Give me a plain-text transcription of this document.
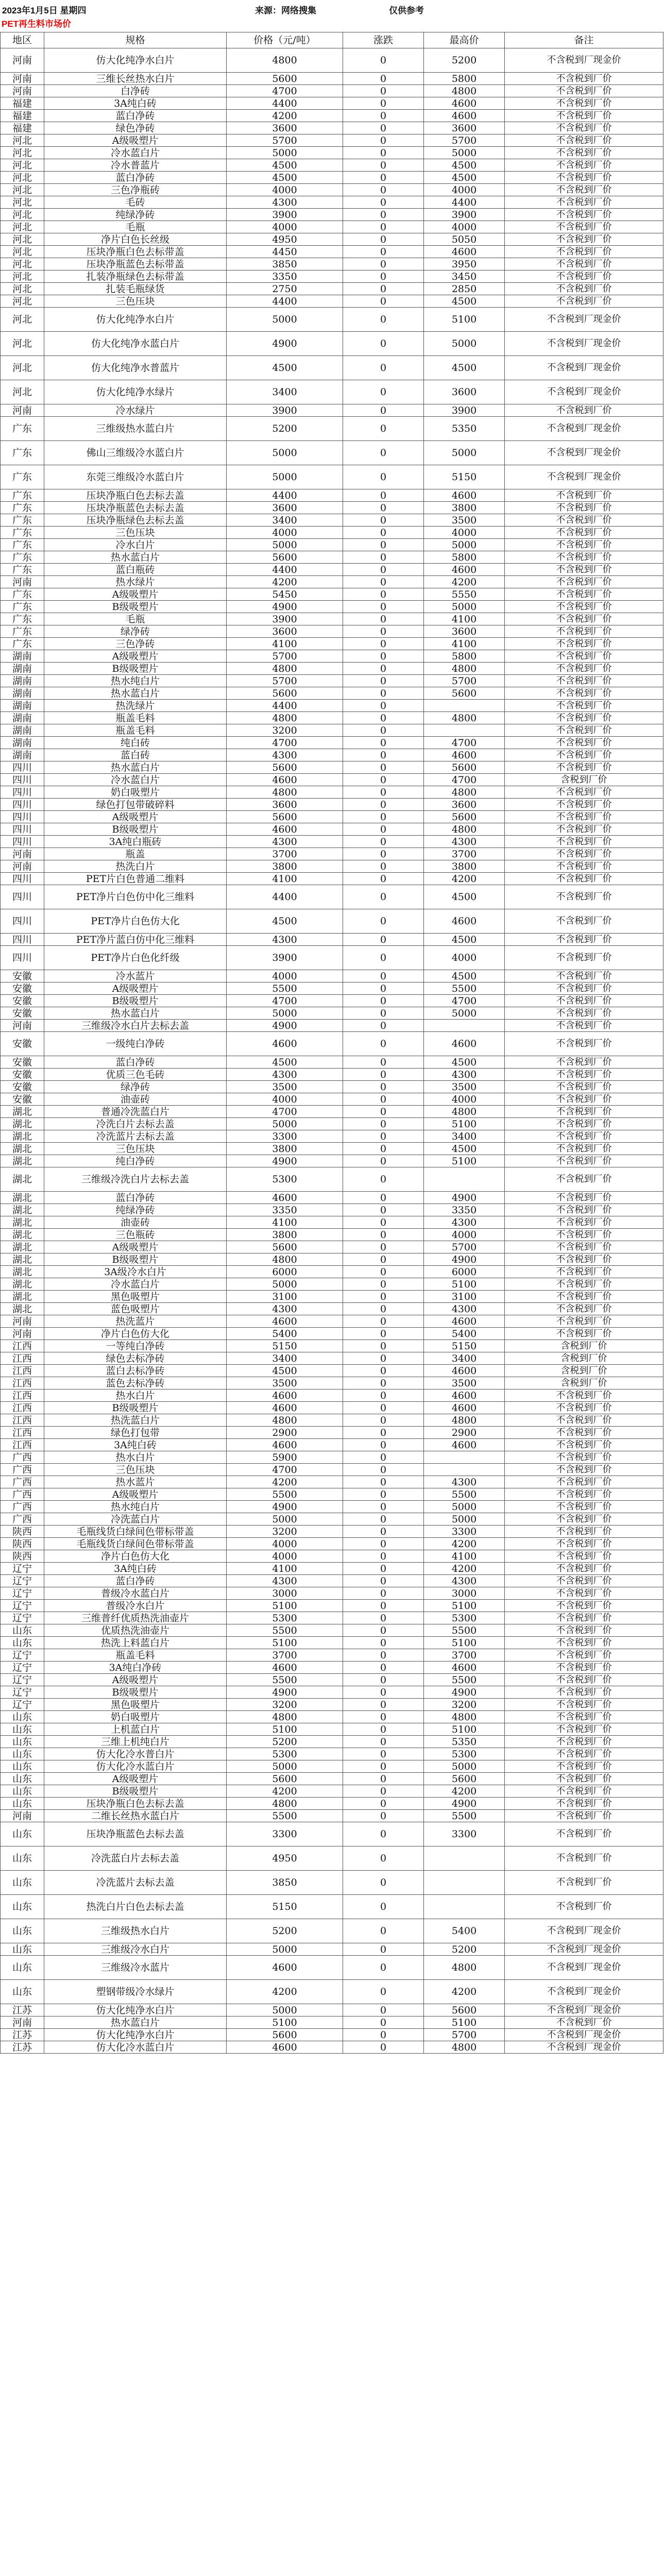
2023年1月5日 星期四	来源：网络搜集	仅供参考
PET再生料市场价
地区	规格	价格（元/吨）	涨跌	最高价	备注
河南	仿大化纯净水白片	4800	0	5200	不含税到厂现金价
河南	三维长丝热水白片	5600	0	5800	不含税到厂价
河南	白净砖	4700	0	4800	不含税到厂价
福建	3A纯白砖	4400	0	4600	不含税到厂价
福建	蓝白净砖	4200	0	4600	不含税到厂价
福建	绿色净砖	3600	0	3600	不含税到厂价
河北	A级吸塑片	5700	0	5700	不含税到厂价
河北	冷水蓝白片	5000	0	5000	不含税到厂价
河北	冷水普蓝片	4500	0	4500	不含税到厂价
河北	蓝白净砖	4500	0	4500	不含税到厂价
河北	三色净瓶砖	4000	0	4000	不含税到厂价
河北	毛砖	4300	0	4400	不含税到厂价
河北	纯绿净砖	3900	0	3900	不含税到厂价
河北	毛瓶	4000	0	4000	不含税到厂价
河北	净片白色长丝级	4950	0	5050	不含税到厂价
河北	压块净瓶白色去标带盖	4450	0	4600	不含税到厂价
河北	压块净瓶蓝色去标带盖	3850	0	3950	不含税到厂价
河北	扎装净瓶绿色去标带盖	3350	0	3450	不含税到厂价
河北	扎装毛瓶绿货	2750	0	2850	不含税到厂价
河北	三色压块	4400	0	4500	不含税到厂价
河北	仿大化纯净水白片	5000	0	5100	不含税到厂现金价
河北	仿大化纯净水蓝白片	4900	0	5000	不含税到厂现金价
河北	仿大化纯净水普蓝片	4500	0	4500	不含税到厂现金价
河北	仿大化纯净水绿片	3400	0	3600	不含税到厂现金价
河南	冷水绿片	3900	0	3900	不含税到厂价
广东	三维级热水蓝白片	5200	0	5350	不含税到厂现金价
广东	佛山三维级冷水蓝白片	5000	0	5000	不含税到厂现金价
广东	东莞三维级冷水蓝白片	5000	0	5150	不含税到厂现金价
广东	压块净瓶白色去标去盖	4400	0	4600	不含税到厂价
广东	压块净瓶蓝色去标去盖	3600	0	3800	不含税到厂价
广东	压块净瓶绿色去标去盖	3400	0	3500	不含税到厂价
广东	三色压块	4000	0	4000	不含税到厂价
广东	冷水白片	5000	0	5000	不含税到厂价
广东	热水蓝白片	5600	0	5800	不含税到厂价
广东	蓝白瓶砖	4400	0	4600	不含税到厂价
河南	热水绿片	4200	0	4200	不含税到厂价
广东	A级吸塑片	5450	0	5550	不含税到厂价
广东	B级吸塑片	4900	0	5000	不含税到厂价
广东	毛瓶	3900	0	4100	不含税到厂价
广东	绿净砖	3600	0	3600	不含税到厂价
广东	三色净砖	4100	0	4100	不含税到厂价
湖南	A级吸塑片	5700	0	5800	不含税到厂价
湖南	B级吸塑片	4800	0	4800	不含税到厂价
湖南	热水纯白片	5700	0	5700	不含税到厂价
湖南	热水蓝白片	5600	0	5600	不含税到厂价
湖南	热洗绿片	4400	0		不含税到厂价
湖南	瓶盖毛料	4800	0	4800	不含税到厂价
湖南	瓶盖毛料	3200	0		不含税到厂价
湖南	纯白砖	4700	0	4700	不含税到厂价
湖南	蓝白砖	4300	0	4600	不含税到厂价
四川	热水蓝白片	5600	0	5600	不含税到厂价
四川	冷水蓝白片	4600	0	4700	含税到厂价
四川	奶白吸塑片	4800	0	4800	不含税到厂价
四川	绿色打包带破碎料	3600	0	3600	不含税到厂价
四川	A级吸塑片	5600	0	5600	不含税到厂价
四川	B级吸塑片	4600	0	4800	不含税到厂价
四川	3A纯白瓶砖	4300	0	4300	不含税到厂价
河南	瓶盖	3700	0	3700	不含税到厂价
河南	热洗白片	3800	0	3800	不含税到厂价
四川	PET片白色普通二维料	4100	0	4200	不含税到厂价
四川	PET净片白色仿中化三维料	4400	0	4500	不含税到厂价
四川	PET净片白色仿大化	4500	0	4600	不含税到厂价
四川	PET净片蓝白仿中化三维料	4300	0	4500	不含税到厂价
四川	PET净片白色化纤级	3900	0	4000	不含税到厂价
安徽	冷水蓝片	4000	0	4500	不含税到厂价
安徽	A级吸塑片	5500	0	5500	不含税到厂价
安徽	B级吸塑片	4700	0	4700	不含税到厂价
安徽	热水蓝白片	5000	0	5000	不含税到厂价
河南	三维级冷水白片去标去盖	4900	0		不含税到厂价
安徽	一级纯白净砖	4600	0	4600	不含税到厂价
安徽	蓝白净砖	4500	0	4500	不含税到厂价
安徽	优质三色毛砖	4300	0	4300	不含税到厂价
安徽	绿净砖	3500	0	3500	不含税到厂价
安徽	油壶砖	4000	0	4000	不含税到厂价
湖北	普通冷洗蓝白片	4700	0	4800	不含税到厂价
湖北	冷洗白片去标去盖	5000	0	5100	不含税到厂价
湖北	冷洗蓝片去标去盖	3300	0	3400	不含税到厂价
湖北	三色压块	3800	0	4500	不含税到厂价
湖北	纯白净砖	4900	0	5100	不含税到厂价
湖北	三维级冷洗白片去标去盖	5300	0		不含税到厂价
湖北	蓝白净砖	4600	0	4900	不含税到厂价
湖北	纯绿净砖	3350	0	3350	不含税到厂价
湖北	油壶砖	4100	0	4300	不含税到厂价
湖北	三色瓶砖	3800	0	4000	不含税到厂价
湖北	A级吸塑片	5600	0	5700	不含税到厂价
湖北	B级吸塑片	4800	0	4900	不含税到厂价
湖北	3A级冷水白片	6000	0	6000	不含税到厂价
湖北	冷水蓝白片	5000	0	5100	不含税到厂价
湖北	黑色吸塑片	3100	0	3100	不含税到厂价
湖北	蓝色吸塑片	4300	0	4300	不含税到厂价
河南	热洗蓝片	4600	0	4600	不含税到厂价
河南	净片白色仿大化	5400	0	5400	不含税到厂价
江西	一等纯白净砖	5150	0	5150	含税到厂价
江西	绿色去标净砖	3400	0	3400	含税到厂价
江西	蓝白去标净砖	4500	0	4600	含税到厂价
江西	蓝色去标净砖	3500	0	3500	含税到厂价
江西	热水白片	4600	0	4600	不含税到厂价
江西	B级吸塑片	4600	0	4600	不含税到厂价
江西	热洗蓝白片	4800	0	4800	不含税到厂价
江西	绿色打包带	2900	0	2900	不含税到厂价
江西	3A纯白砖	4600	0	4600	不含税到厂价
广西	热水白片	5900	0		不含税到厂价
广西	三色压块	4700	0		不含税到厂价
广西	热水蓝片	4200	0	4300	不含税到厂价
广西	A级吸塑片	5500	0	5500	不含税到厂价
广西	热水纯白片	4900	0	5000	不含税到厂价
广西	冷洗蓝白片	5000	0	5000	不含税到厂价
陕西	毛瓶线货白绿间色带标带盖	3200	0	3300	不含税到厂价
陕西	毛瓶线货白绿间色带标带盖	4000	0	4200	不含税到厂价
陕西	净片白色仿大化	4000	0	4100	不含税到厂价
辽宁	3A纯白砖	4100	0	4200	不含税到厂价
辽宁	蓝白净砖	4300	0	4300	不含税到厂价
辽宁	普级冷水蓝白片	3000	0	3000	不含税到厂价
辽宁	普级冷水白片	5100	0	5100	不含税到厂价
辽宁	三维普纤优质热洗油壶片	5300	0	5300	不含税到厂价
山东	优质热洗油壶片	5500	0	5500	不含税到厂价
山东	热洗上料蓝白片	5100	0	5100	不含税到厂价
辽宁	瓶盖毛料	3700	0	3700	不含税到厂价
辽宁	3A纯白净砖	4600	0	4600	不含税到厂价
辽宁	A级吸塑片	5500	0	5500	不含税到厂价
辽宁	B级吸塑片	4900	0	4900	不含税到厂价
辽宁	黑色吸塑片	3200	0	3200	不含税到厂价
山东	奶白吸塑片	4800	0	4800	不含税到厂价
山东	上机蓝白片	5100	0	5100	不含税到厂价
山东	三维上机纯白片	5200	0	5350	不含税到厂价
山东	仿大化冷水普白片	5300	0	5300	不含税到厂价
山东	仿大化冷水蓝白片	5000	0	5000	不含税到厂价
山东	A级吸塑片	5600	0	5600	不含税到厂价
山东	B级吸塑片	4200	0	4200	不含税到厂价
山东	压块净瓶白色去标去盖	4800	0	4900	不含税到厂价
河南	二维长丝热水蓝白片	5500	0	5500	不含税到厂价
山东	压块净瓶蓝色去标去盖	3300	0	3300	不含税到厂价
山东	冷洗蓝白片去标去盖	4950	0		不含税到厂价
山东	冷洗蓝片去标去盖	3850	0		不含税到厂价
山东	热洗白片白色去标去盖	5150	0		不含税到厂价
山东	三维级热水白片	5200	0	5400	不含税到厂现金价
山东	三维级冷水白片	5000	0	5200	不含税到厂现金价
山东	三维级冷水蓝片	4600	0	4800	不含税到厂现金价
山东	塑钢带级冷水绿片	4200	0	4200	不含税到厂现金价
江苏	仿大化纯净水白片	5000	0	5600	不含税到厂现金价
河南	热水蓝白片	5100	0	5100	不含税到厂价
江苏	仿大化纯净水白片	5600	0	5700	不含税到厂现金价
江苏	仿大化冷水蓝白片	4600	0	4800	不含税到厂现金价
